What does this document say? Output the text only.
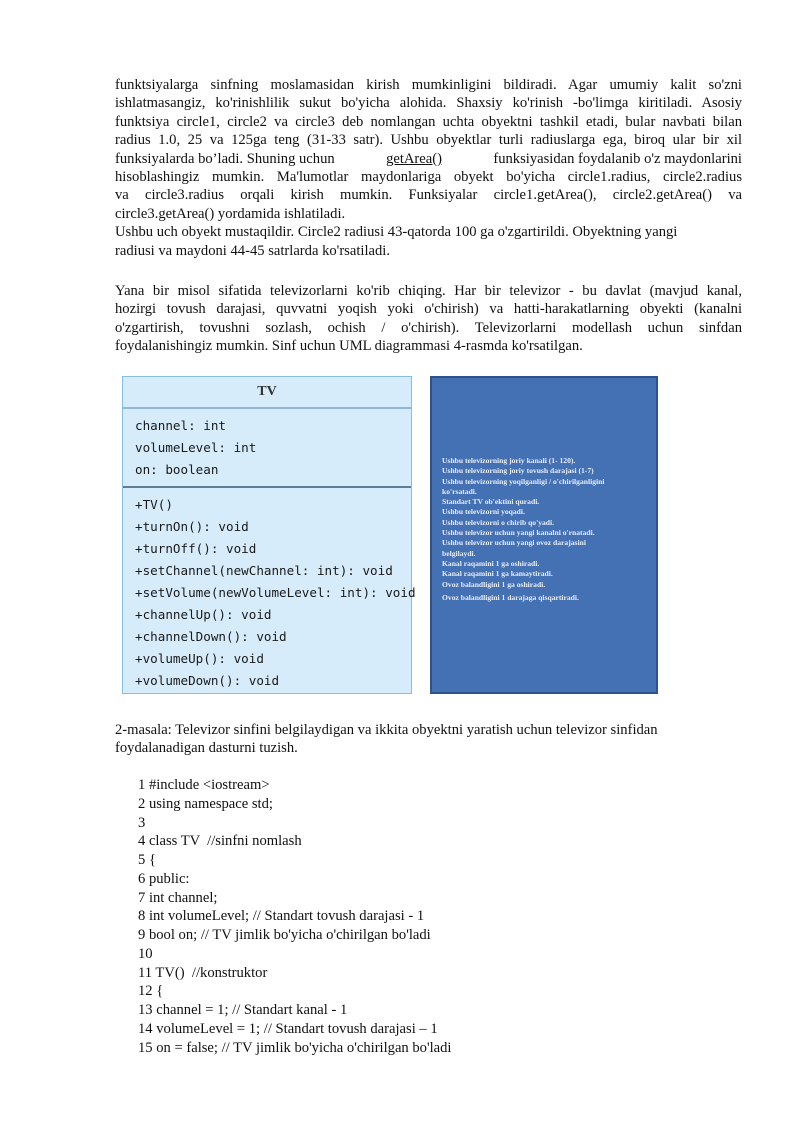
funktsiyalarga sinfning moslamasidan kirish mumkinligini bildiradi. Agar umumiy kalit so'zni
ishlatmasangiz, ko'rinishlilik sukut bo'yicha alohida. Shaxsiy ko'rinish -bo'limga kiritiladi. Asosiy
funktsiya circle1, circle2 va circle3 deb nomlangan uchta obyektni tashkil etadi, bular navbati bilan
radius 1.0, 25 va 125ga teng (31-33 satr). Ushbu obyektlar turli radiuslarga ega, biroq ular bir xil
funksiyalarda bo’ladi. Shuning uchun	getArea()	funksiyasidan foydalanib o'z maydonlarini
hisoblashingiz mumkin. Ma'lumotlar maydonlariga obyekt bo'yicha circle1.radius, circle2.radius
va circle3.radius orqali kirish mumkin. Funksiyalar circle1.getArea(), circle2.getArea() va
circle3.getArea() yordamida ishlatiladi.
Ushbu uch obyekt mustaqildir. Circle2 radiusi 43-qatorda 100 ga o'zgartirildi. Obyektning yangi
radiusi va maydoni 44-45 satrlarda ko'rsatiladi.

Yana bir misol sifatida televizorlarni ko'rib chiqing. Har bir televizor - bu davlat (mavjud kanal,
hozirgi tovush darajasi, quvvatni yoqish yoki o'chirish) va hatti-harakatlarning obyekti (kanalni
o'zgartirish, tovushni sozlash, ochish / o'chirish). Televizorlarni modellash uchun sinfdan
foydalanishingiz mumkin. Sinf uchun UML diagrammasi 4-rasmda ko'rsatilgan.

TV
channel: int
volumeLevel: int
on: boolean
+TV()
+turnOn(): void
+turnOff(): void
+setChannel(newChannel: int): void
+setVolume(newVolumeLevel: int): void
+channelUp(): void
+channelDown(): void
+volumeUp(): void
+volumeDown(): void
Ushbu televizorning joriy kanali (1- 120).
Ushbu televizorning joriy tovush darajasi (1-7)
Ushbu televizorning yoqilganligi / o'chirilganligini
ko'rsatadi.
Standart TV ob'ektini quradi.
Ushbu televizorni yoqadi.
Ushbu televizorni o chirib qo'yadi.
Ushbu televizor uchun yangi kanalni o'rnatadi.
Ushbu televizor uchun yangi ovoz darajasini
belgilaydi.
Kanal raqamini 1 ga oshiradi.
Kanal raqamini 1 ga kamaytiradi.
Ovoz balandligini 1 ga oshiradi.
Ovoz balandligini 1 darajaga qisqartiradi.

2-masala: Televizor sinfini belgilaydigan va ikkita obyektni yaratish uchun televizor sinfidan
foydalanadigan dasturni tuzish.

1 #include <iostream>
2 using namespace std;
3
4 class TV  //sinfni nomlash
5 {
6 public:
7 int channel;
8 int volumeLevel; // Standart tovush darajasi - 1
9 bool on; // TV jimlik bo'yicha o'chirilgan bo'ladi
10
11 TV()  //konstruktor
12 {
13 channel = 1; // Standart kanal - 1
14 volumeLevel = 1; // Standart tovush darajasi – 1
15 on = false; // TV jimlik bo'yicha o'chirilgan bo'ladi
